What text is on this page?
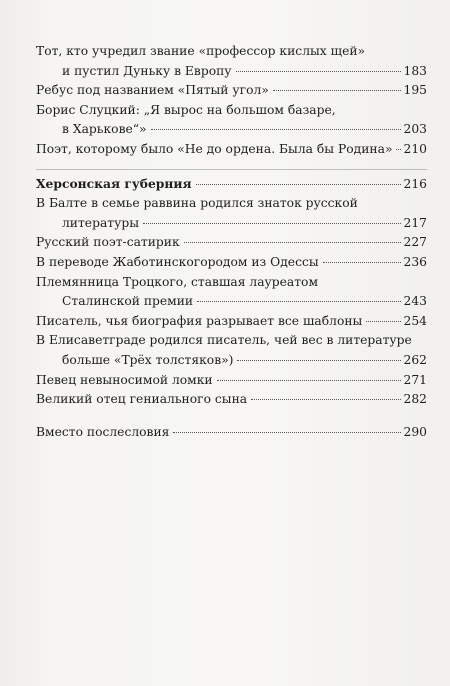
Тот, кто учредил звание «профессор кислых щей»
и пустил Дуньку в Европу	183
Ребус под названием «Пятый угол»	195
Борис Слуцкий: „Я вырос на большом базаре,
в Харькове“»	203
Поэт, которому было «Не до ордена. Была бы Родина» 210
Херсонская губерния	216
В Балте в семье раввина родился знаток русской
литературы	217
Русский поэт-сатирик	227
В переводе Жаботинскогородом из Одессы	236
Племянница Троцкого, ставшая лауреатом
Сталинской премии	243
Писатель, чья биография разрывает все шаблоны	254
В Елисаветграде родился писатель, чей вес в литературе
больше «Трёх толстяков»)	262
Певец невыносимой ломки	271
Великий отец гениального сына	282
Вместо послесловия	290
